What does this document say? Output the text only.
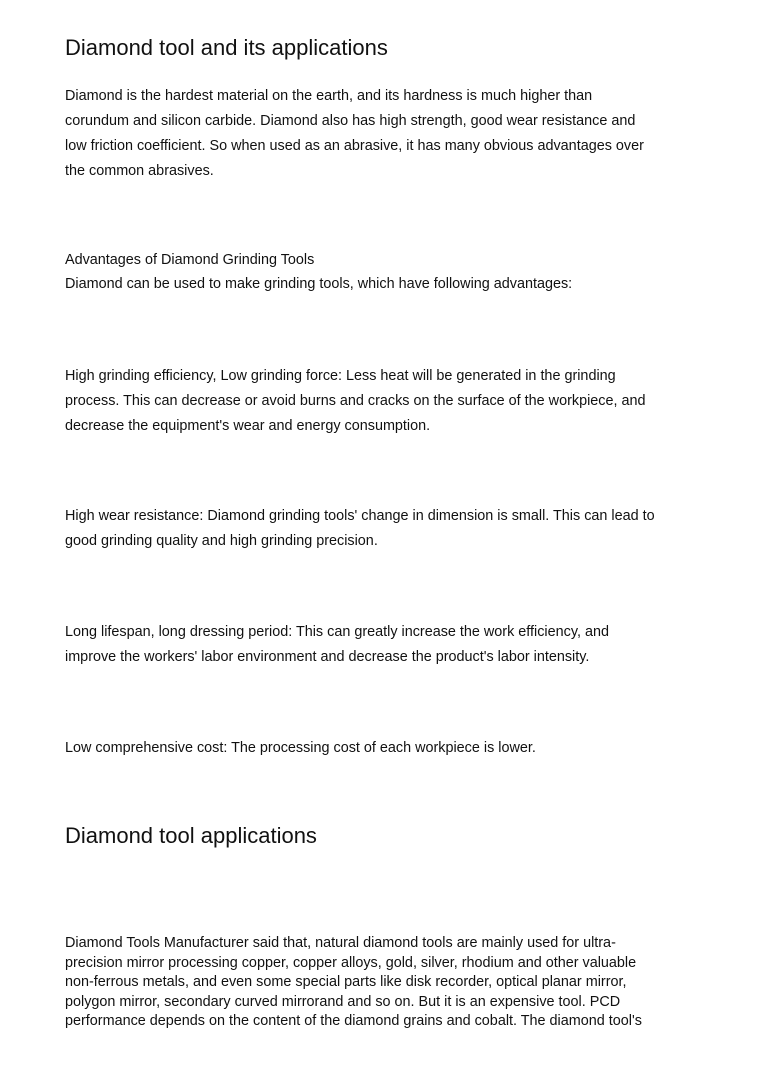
Diamond tool and its applications
Diamond is the hardest material on the earth, and its hardness is much higher than
corundum and silicon carbide. Diamond also has high strength, good wear resistance and
low friction coefficient. So when used as an abrasive, it has many obvious advantages over
the common abrasives.
Advantages of Diamond Grinding Tools
Diamond can be used to make grinding tools, which have following advantages:
High grinding efficiency, Low grinding force: Less heat will be generated in the grinding
process. This can decrease or avoid burns and cracks on the surface of the workpiece, and
decrease the equipment's wear and energy consumption.
High wear resistance: Diamond grinding tools' change in dimension is small. This can lead to
good grinding quality and high grinding precision.
Long lifespan, long dressing period: This can greatly increase the work efficiency, and
improve the workers' labor environment and decrease the product's labor intensity.
Low comprehensive cost: The processing cost of each workpiece is lower.
Diamond tool applications
Diamond Tools Manufacturer said that, natural diamond tools are mainly used for ultra-
precision mirror processing copper, copper alloys, gold, silver, rhodium and other valuable
non-ferrous metals, and even some special parts like disk recorder, optical planar mirror,
polygon mirror, secondary curved mirrorand and so on. But it is an expensive tool. PCD
performance depends on the content of the diamond grains and cobalt. The diamond tool's
